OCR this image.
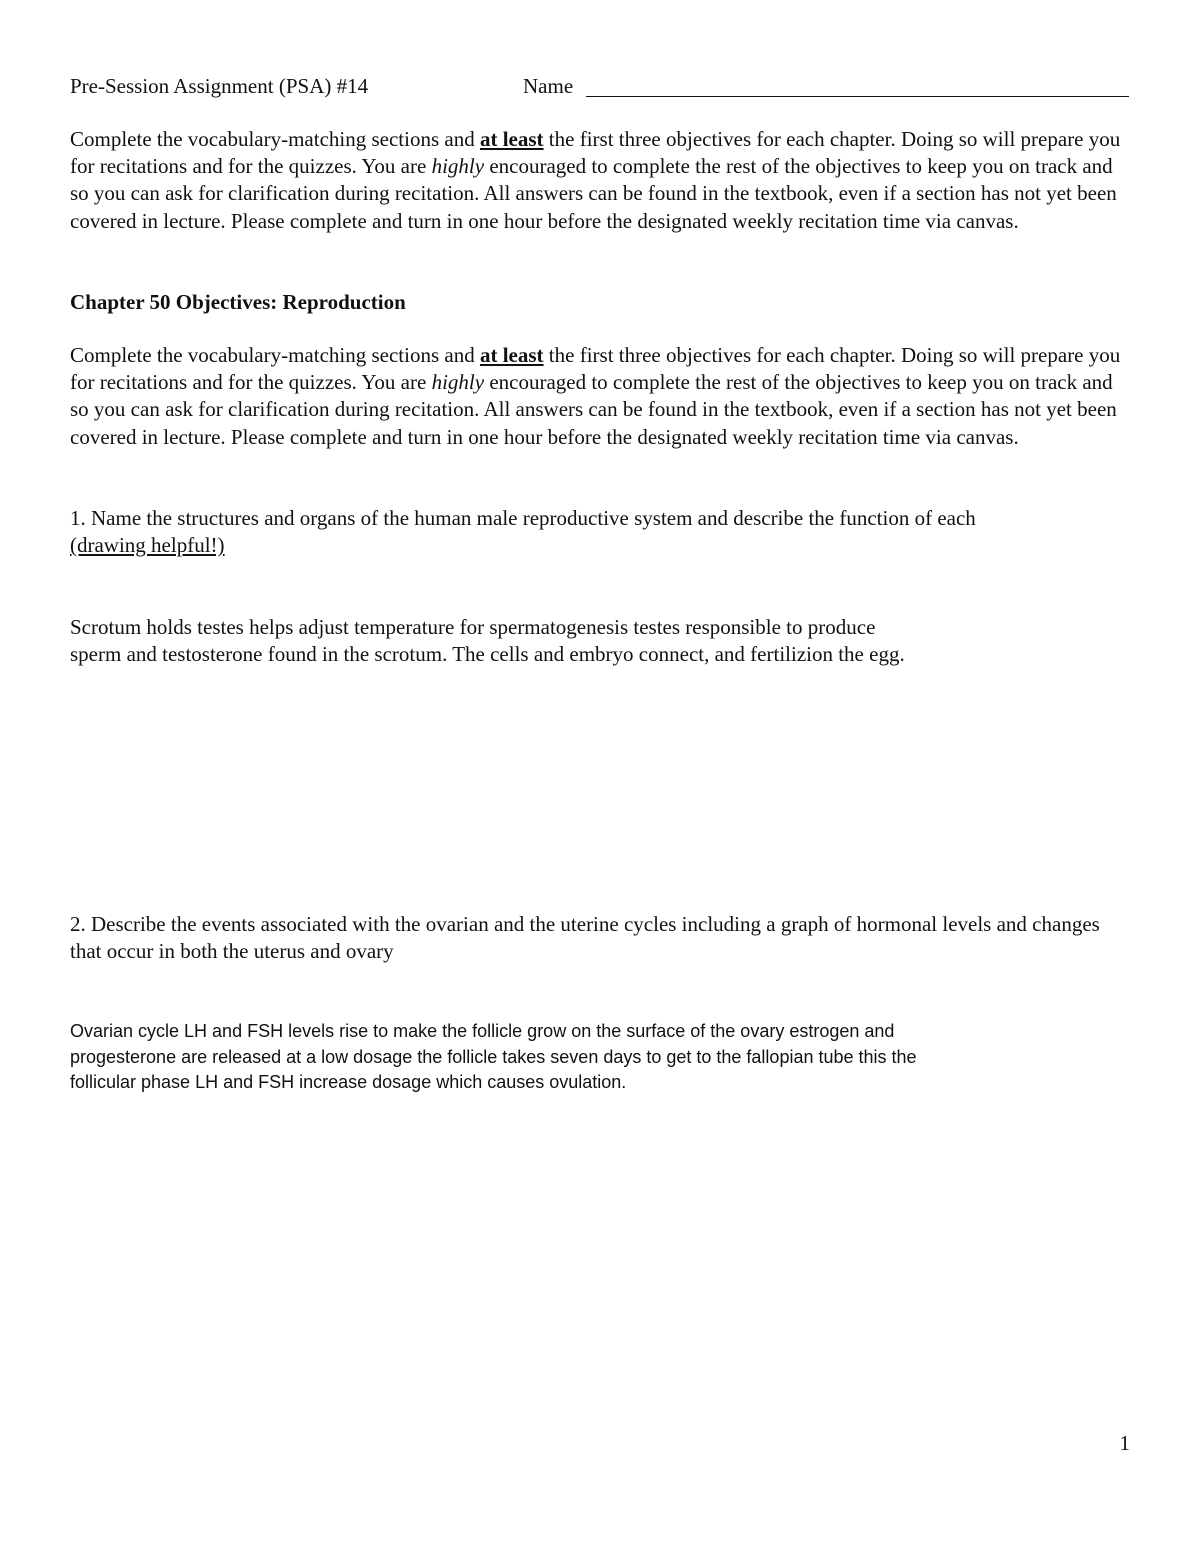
Pre-Session Assignment (PSA) #14	Name

Complete the vocabulary-matching sections and at least the first three objectives for each chapter. Doing so will prepare you for recitations and for the quizzes. You are highly encouraged to complete the rest of the objectives to keep you on track and so you can ask for clarification during recitation. All answers can be found in the textbook, even if a section has not yet been covered in lecture. Please complete and turn in one hour before the designated weekly recitation time via canvas.

Chapter 50 Objectives: Reproduction

Complete the vocabulary-matching sections and at least the first three objectives for each chapter. Doing so will prepare you for recitations and for the quizzes. You are highly encouraged to complete the rest of the objectives to keep you on track and so you can ask for clarification during recitation. All answers can be found in the textbook, even if a section has not yet been covered in lecture. Please complete and turn in one hour before the designated weekly recitation time via canvas.

1. Name the structures and organs of the human male reproductive system and describe the function of each
(drawing helpful!)

Scrotum holds testes helps adjust temperature for spermatogenesis testes responsible to produce
sperm and testosterone found in the scrotum. The cells and embryo connect, and fertilizion the egg.

2. Describe the events associated with the ovarian and the uterine cycles including a graph of hormonal levels and changes that occur in both the uterus and ovary

Ovarian cycle LH and FSH levels rise to make the follicle grow on the surface of the ovary estrogen and
progesterone are released at a low dosage the follicle takes seven days to get to the fallopian tube this the
follicular phase LH and FSH increase dosage which causes ovulation.
1
